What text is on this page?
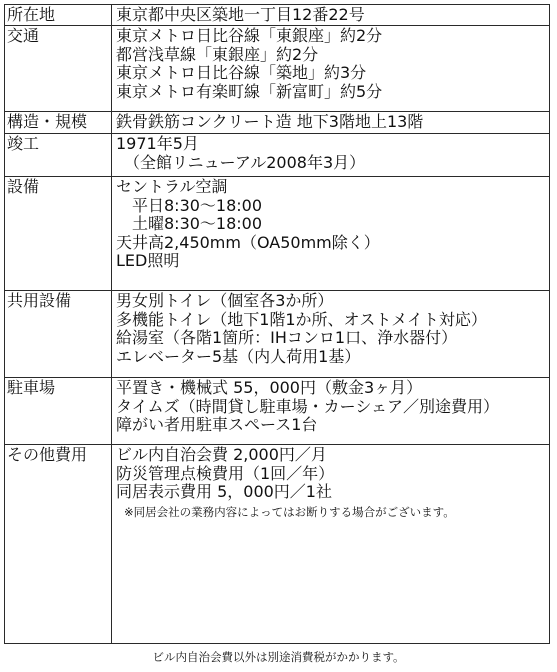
所在地	東京都中央区築地一丁目12番22号

交通	東京メトロ日比谷線「東銀座」約2分
都営浅草線「東銀座」約2分
東京メトロ日比谷線「築地」約3分
東京メトロ有楽町線「新富町」約5分

構造・規模	鉄骨鉄筋コンクリート造 地下3階地上13階

竣工	1971年5月
（全館リニューアル2008年3月）

設備	セントラル空調
平日8:30〜18:00
土曜8:30〜18:00
天井高2,450mm（OA50mm除く）
LED照明

共用設備	男女別トイレ（個室各3か所）
多機能トイレ（地下1階1か所、オストメイト対応）
給湯室（各階1箇所：IHコンロ1口、浄水器付）
エレベーター5基（内人荷用1基）

駐車場	平置き・機械式 55，000円（敷金3ヶ月）
タイムズ（時間貸し駐車場・カーシェア／別途費用）
障がい者用駐車スペース1台

その他費用	ビル内自治会費 2,000円／月
防災管理点検費用（1回／年）
同居表示費用 5，000円／1社
※同居会社の業務内容によってはお断りする場合がございます。
ビル内自治会費以外は別途消費税がかかります。
